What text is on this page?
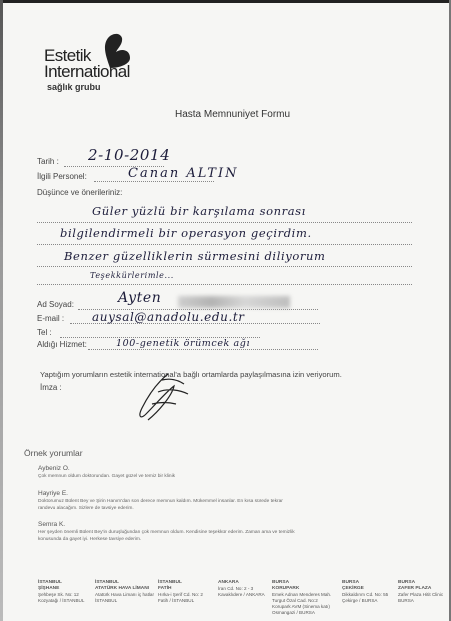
Estetik
International
sağlık grubu
Hasta Memnuniyet Formu
Tarih : 2-10-2014
İlgili Personel:	Canan ALTIN
Düşünce ve önerileriniz:
Güler yüzlü bir karşılama sonrası
bilgilendirmeli bir operasyon geçirdim.
Benzer güzelliklerin sürmesini diliyorum
Teşekkürlerimle...
Ad Soyad:	Ayten
E-mail : auysal@anadolu.edu.tr
Tel :
Aldığı Hizmet:	100-genetik örümcek ağı
Yaptığım yorumların estetik international'a bağlı ortamlarda paylaşılmasına izin veriyorum.
İmza :
Örnek yorumlar
Aybeniz O.
Çok memnun oldum doktorundan. Gayet güzel ve temiz bir klinik
Hayriye E.
Doktorumuz Bülent Bey ve Şirin Hanım'dan son derece memnun kaldım. Mükemmel insanlar. En kısa sürede tekrar randevu alacağım. Sizlere de tavsiye ederim.
Semra K.
Her şeyden önemli Bülent Bey'in duruşluğundan çok memnun oldum. Kendisine teşekkür ederim. Zaman ama ve temizlik konusunda da gayet iyi. Herkese tavsiye ederim.
İSTANBUL
ŞİŞHANE
Şehbeşe Sk. No: 12
Kozyatağı / İSTANBUL
İSTANBUL
ATATÜRK HAVA LİMANI
Atatürk Hava Limanı iç hatlar
İSTANBUL
İSTANBUL
FATİH
Hırka-i Şerif Cd. No: 2
Fatih / İSTANBUL
ANKARA
İran Cd. No: 2 - 3
Kavaklıdere / ANKARA
BURSA
KORUPARK
Emek Adnan Menderes Mah.
Turgut Özal Cad. No:2
Korupark AVM (Sinema katı)
Osmangazi / BURSA
BURSA
ÇEKİRGE
Dikkaldırım Cd. No: 55
Çekirge / BURSA
BURSA
ZAFER PLAZA
Zafer Plaza Hitit Clinic BURSA
